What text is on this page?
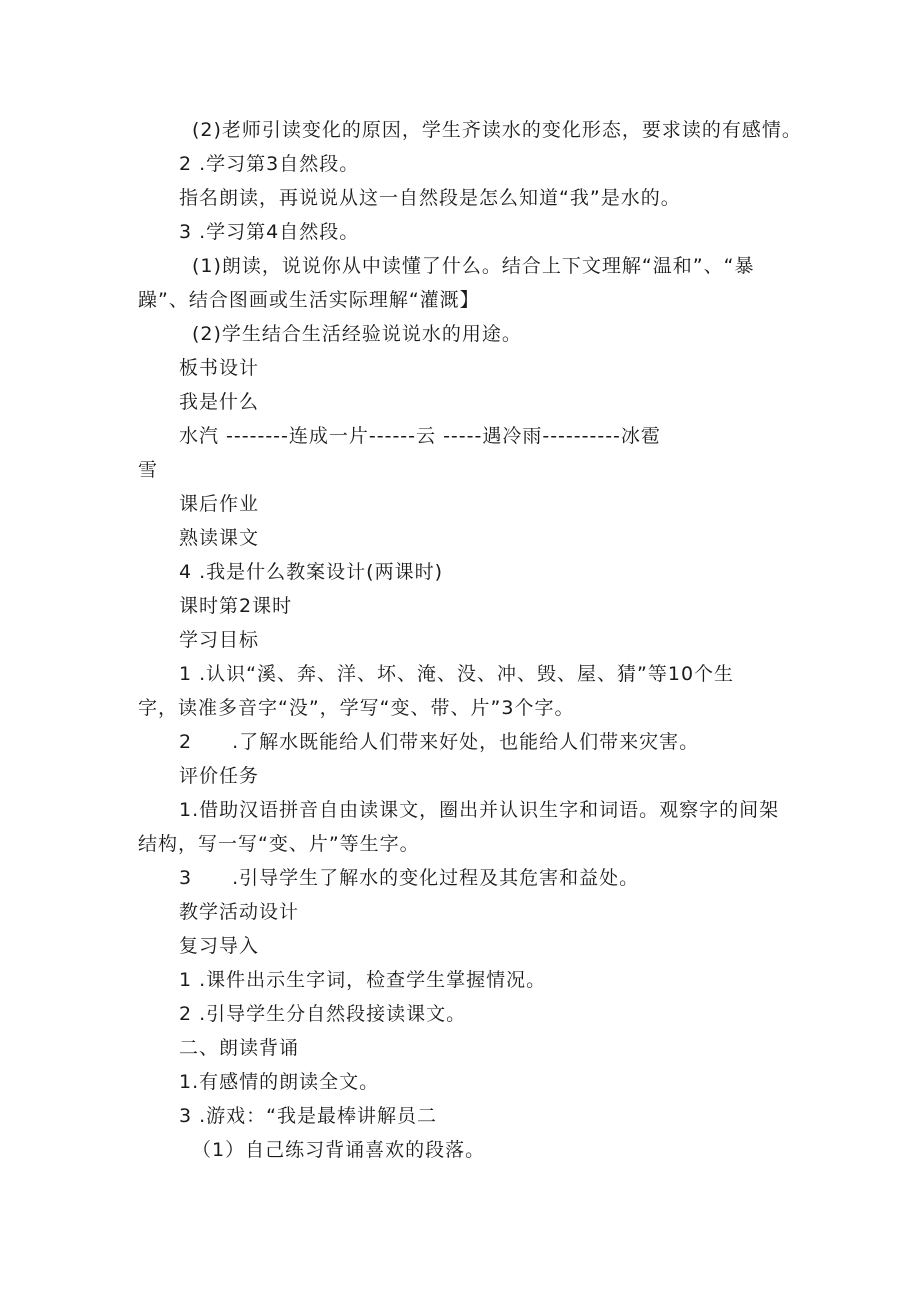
(2)老师引读变化的原因，学生齐读水的变化形态，要求读的有感情。
2 .学习第3自然段。
指名朗读，再说说从这一自然段是怎么知道“我”是水的。
3 .学习第4自然段。
(1)朗读，说说你从中读懂了什么。结合上下文理解“温和”、“暴
躁”、结合图画或生活实际理解“灌溉】
(2)学生结合生活经验说说水的用途。
板书设计
我是什么
水汽 --------连成一片------云 -----遇冷雨----------冰雹
雪
课后作业
熟读课文
4 .我是什么教案设计(两课时)
课时第2课时
学习目标
1 .认识“溪、奔、洋、坏、淹、没、冲、毁、屋、猜”等10个生
字，读准多音字“没”，学写“变、带、片”3个字。
2　　.了解水既能给人们带来好处，也能给人们带来灾害。
评价任务
1.借助汉语拼音自由读课文，圈出并认识生字和词语。观察字的间架
结构，写一写“变、片”等生字。
3　　.引导学生了解水的变化过程及其危害和益处。
教学活动设计
复习导入
1 .课件出示生字词，检查学生掌握情况。
2 .引导学生分自然段接读课文。
二、朗读背诵
1.有感情的朗读全文。
3 .游戏：“我是最棒讲解员二
（1）自己练习背诵喜欢的段落。
